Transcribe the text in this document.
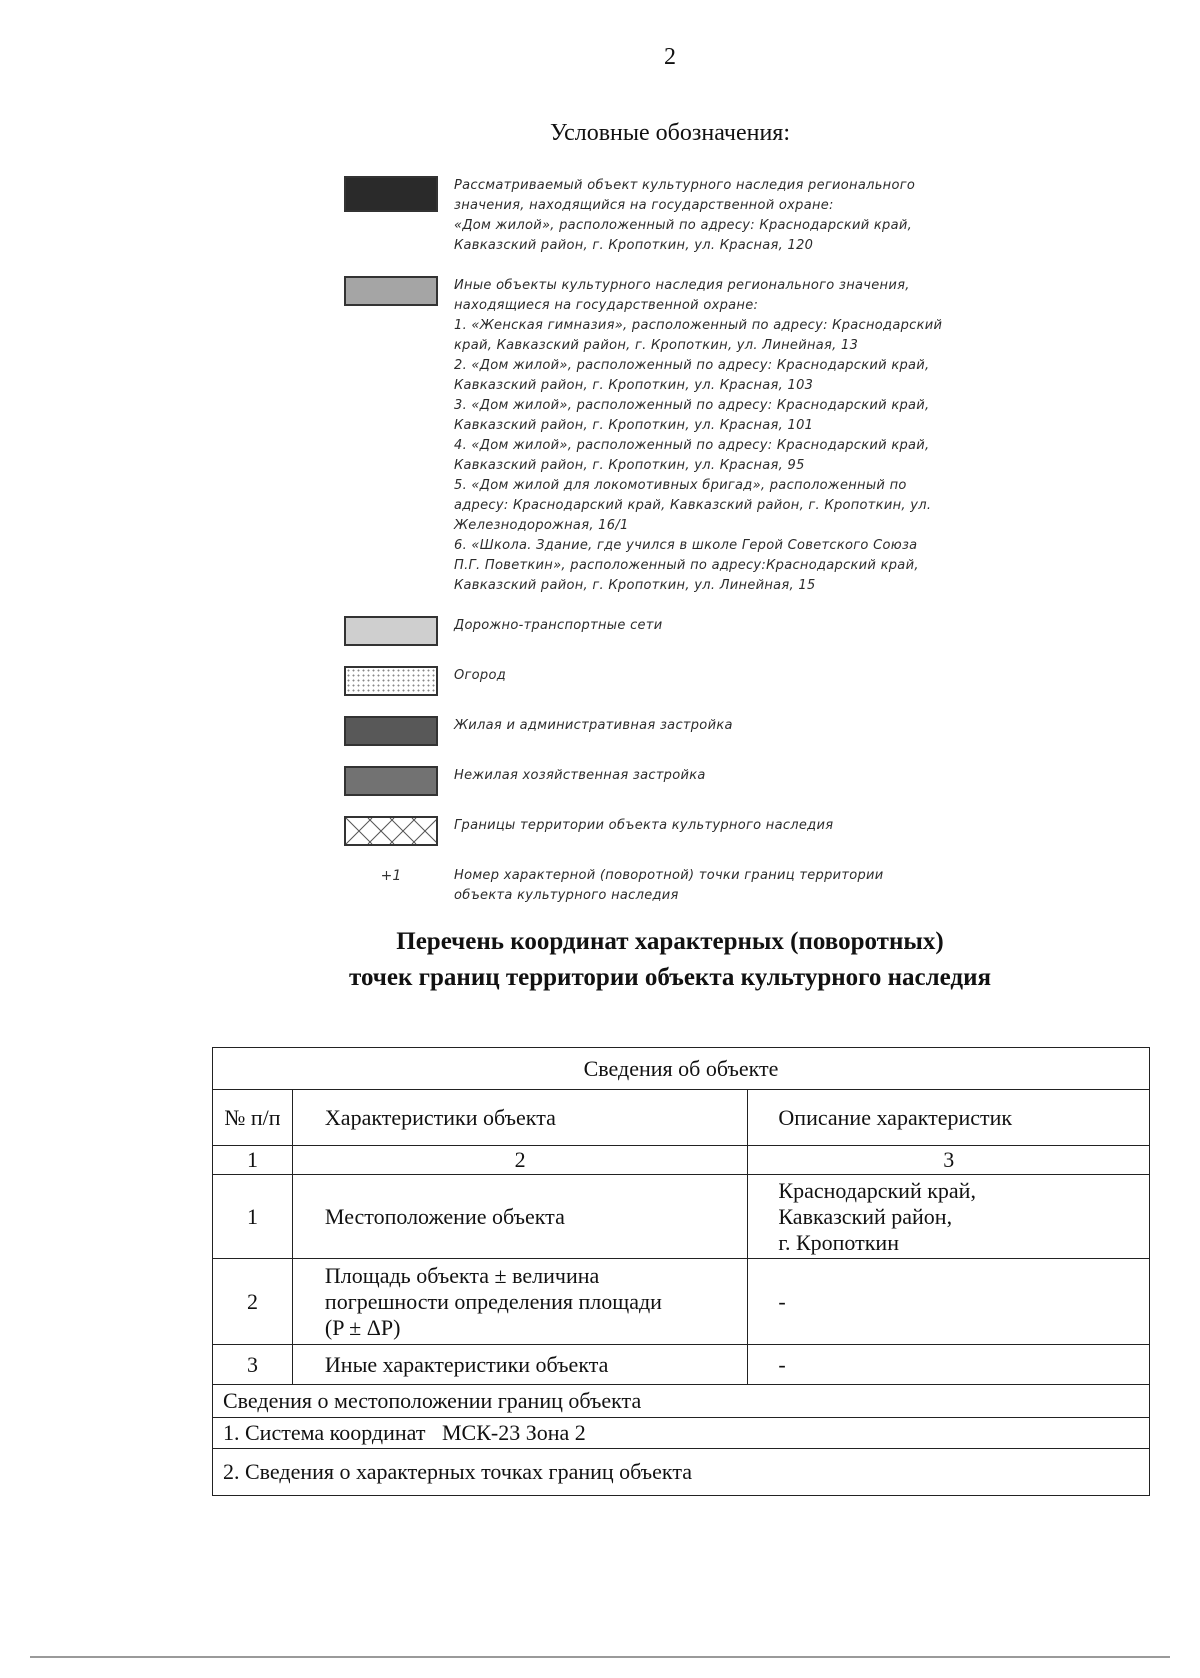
2
Условные обозначения:
Рассматриваемый объект культурного наследия регионального
значения, находящийся на государственной охране:
«Дом жилой», расположенный по адресу: Краснодарский край,
Кавказский район, г. Кропоткин, ул. Красная, 120
Иные объекты культурного наследия регионального значения,
находящиеся на государственной охране:
1. «Женская гимназия», расположенный по адресу: Краснодарский
край, Кавказский район, г. Кропоткин, ул. Линейная, 13
2. «Дом жилой», расположенный по адресу: Краснодарский край,
Кавказский район, г. Кропоткин, ул. Красная, 103
3. «Дом жилой», расположенный по адресу: Краснодарский край,
Кавказский район, г. Кропоткин, ул. Красная, 101
4. «Дом жилой», расположенный по адресу: Краснодарский край,
Кавказский район, г. Кропоткин, ул. Красная, 95
5. «Дом жилой для локомотивных бригад», расположенный по
адресу: Краснодарский край, Кавказский район, г. Кропоткин, ул.
Железнодорожная, 16/1
6. «Школа. Здание, где учился в школе Герой Советского Союза
П.Г. Поветкин», расположенный по адресу:Краснодарский край,
Кавказский район, г. Кропоткин, ул. Линейная, 15
Дорожно-транспортные сети
Огород
Жилая и административная застройка
Нежилая хозяйственная застройка
Границы территории объекта культурного наследия
+1	Номер характерной (поворотной) точки границ территории
объекта культурного наследия
Перечень координат характерных (поворотных)
точек границ территории объекта культурного наследия
Сведения об объекте		
№ п/п	Характеристики объекта	Описание характеристик
1	2	3
1	Местоположение объекта	Краснодарский край,
Кавказский район,
г. Кропоткин

2	Площадь объекта ± величина
погрешности определения площади
(P ± ΔP)	-
3	Иные характеристики объекта	-
Сведения о местоположении границ объекта		
1. Система координат   МСК-23 Зона 2		
2. Сведения о характерных точках границ объекта		
